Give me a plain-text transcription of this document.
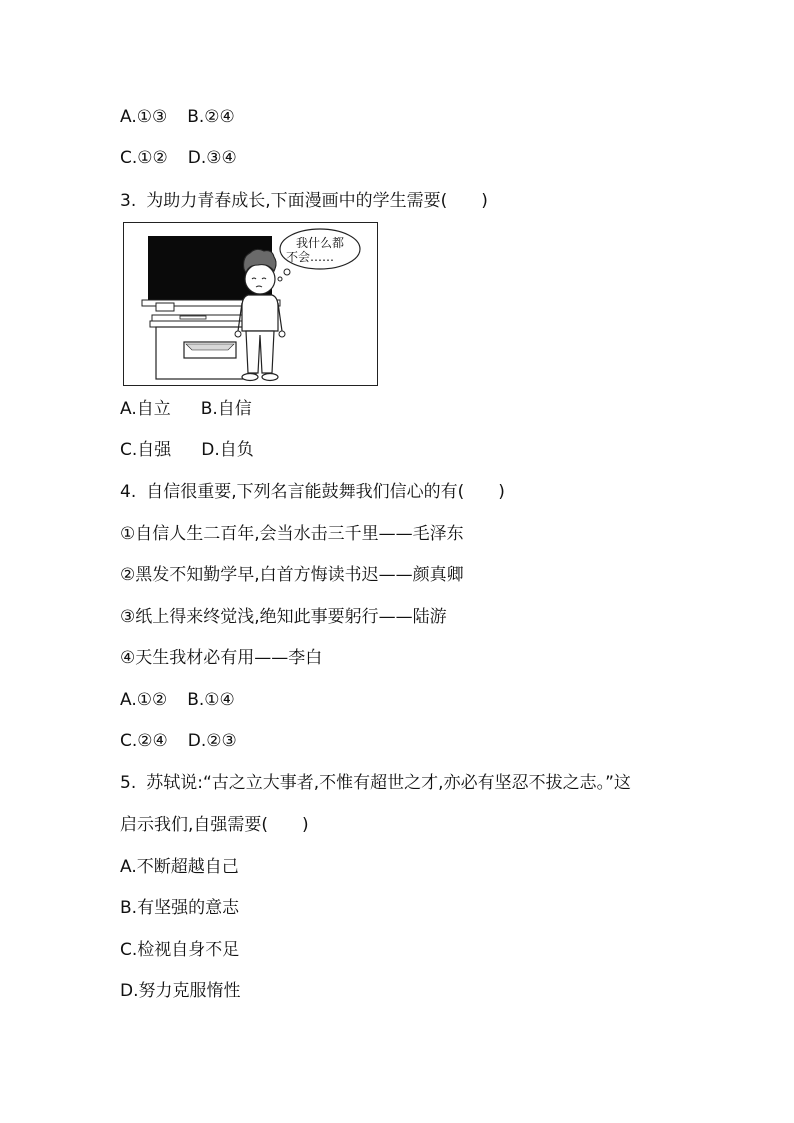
A.①③ B.②④
C.①② D.③④
3. 为助力青春成长,下面漫画中的学生需要(　　)
我什么都
不会……
A.自立 B.自信
C.自强 D.自负
4. 自信很重要,下列名言能鼓舞我们信心的有(　　)
①自信人生二百年,会当水击三千里——毛泽东
②黑发不知勤学早,白首方悔读书迟——颜真卿
③纸上得来终觉浅,绝知此事要躬行——陆游
④天生我材必有用——李白
A.①② B.①④
C.②④ D.②③
5. 苏轼说:“古之立大事者,不惟有超世之才,亦必有坚忍不拔之志。”这
启示我们,自强需要(　　)
A.不断超越自己
B.有坚强的意志
C.检视自身不足
D.努力克服惰性
